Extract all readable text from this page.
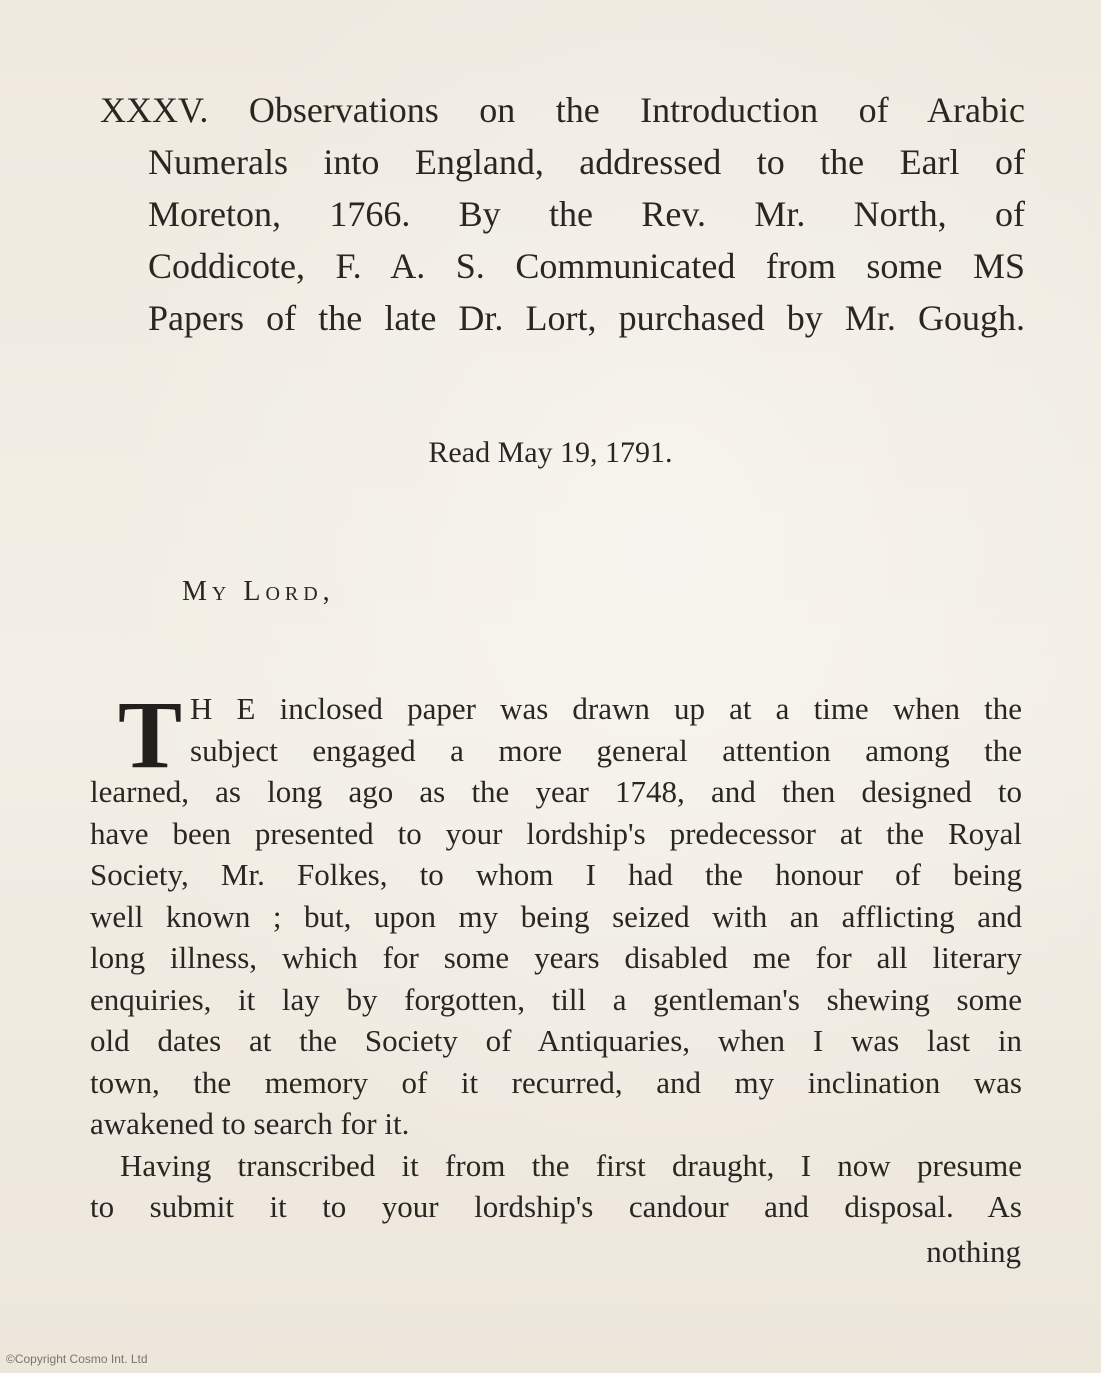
XXXV. Observations on the Introduction of Arabic
Numerals into England, addressed to the Earl of
Moreton, 1766. By the Rev. Mr. North, of
Coddicote, F. A. S. Communicated from some MS
Papers of the late Dr. Lort, purchased by Mr. Gough.
Read May 19, 1791.
My Lord,
T H E inclosed paper was drawn up at a time when the
subject engaged a more general attention among the
learned, as long ago as the year 1748, and then designed to
have been presented to your lordship's predecessor at the Royal
Society, Mr. Folkes, to whom I had the honour of being
well known ; but, upon my being seized with an afflicting and
long illness, which for some years disabled me for all literary
enquiries, it lay by forgotten, till a gentleman's shewing some
old dates at the Society of Antiquaries, when I was last in
town, the memory of it recurred, and my inclination was
awakened to search for it.
Having transcribed it from the first draught, I now presume
to submit it to your lordship's candour and disposal. As
nothing
©Copyright Cosmo Int. Ltd
